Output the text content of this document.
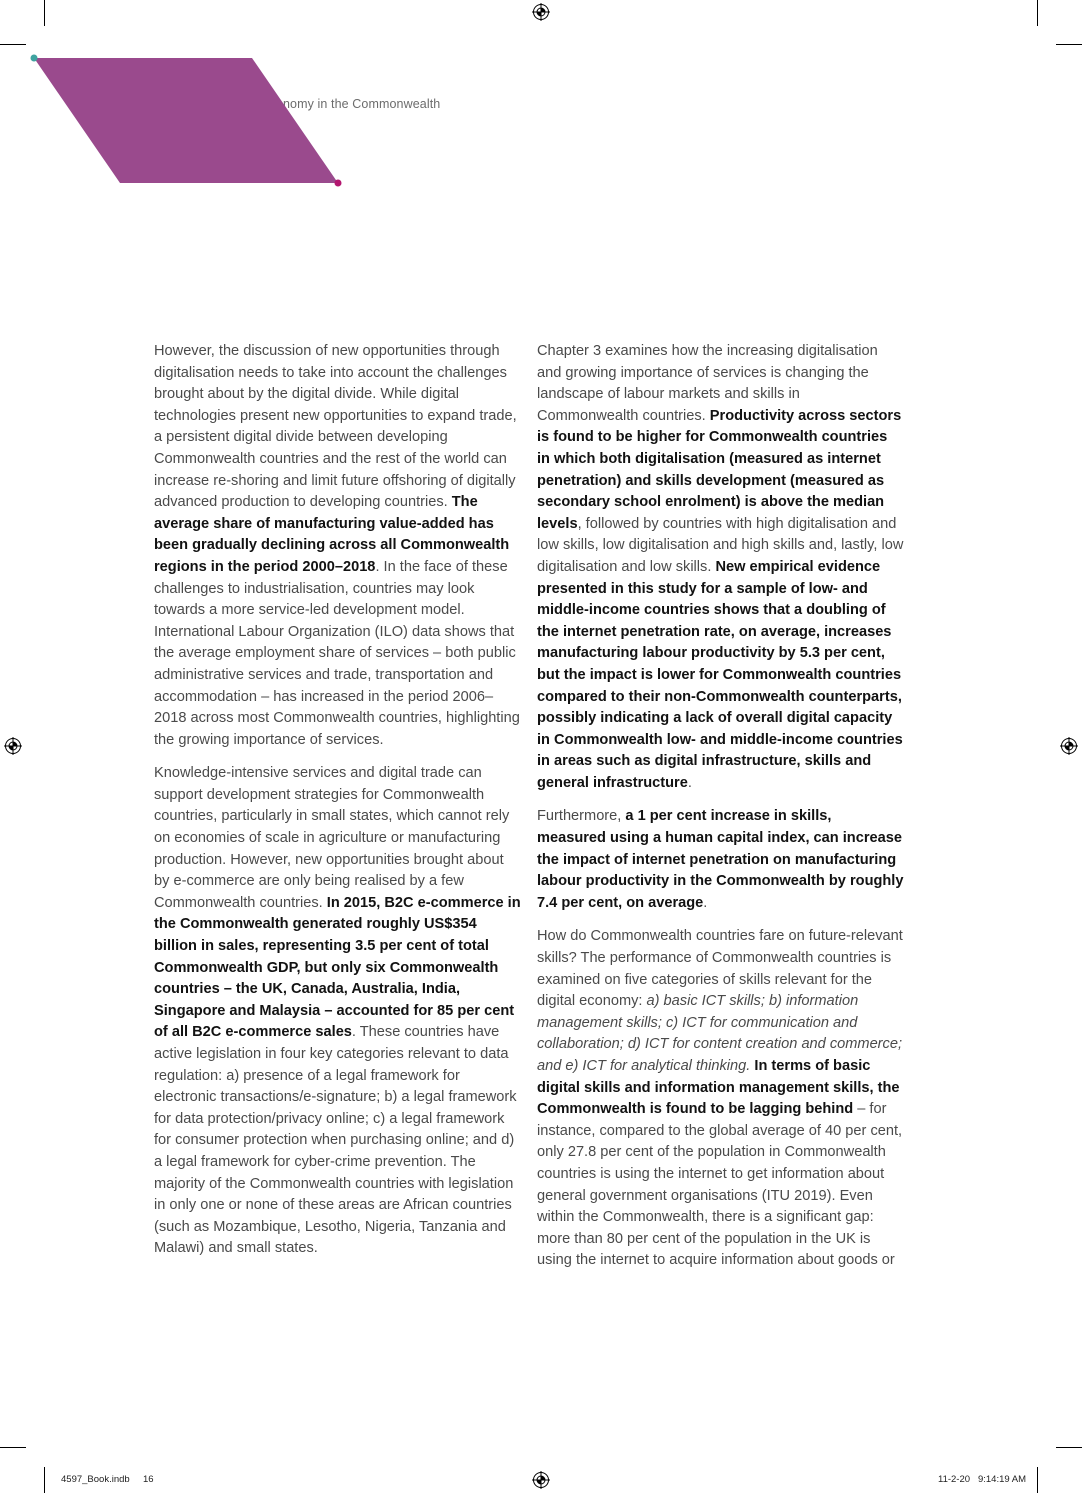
nomy in the Commonwealth

However, the discussion of new opportunities through digitalisation needs to take into account the challenges brought about by the digital divide. While digital technologies present new opportunities to expand trade, a persistent digital divide between developing Commonwealth countries and the rest of the world can increase re-shoring and limit future offshoring of digitally advanced production to developing countries. The average share of manufacturing value-added has been gradually declining across all Commonwealth regions in the period 2000–2018. In the face of these challenges to industrialisation, countries may look towards a more service-led development model. International Labour Organization (ILO) data shows that the average employment share of services – both public administrative services and trade, transportation and accommodation – has increased in the period 2006–2018 across most Commonwealth countries, highlighting the growing importance of services.

Knowledge-intensive services and digital trade can support development strategies for Commonwealth countries, particularly in small states, which cannot rely on economies of scale in agriculture or manufacturing production. However, new opportunities brought about by e-commerce are only being realised by a few Commonwealth countries. In 2015, B2C e-commerce in the Commonwealth generated roughly US$354 billion in sales, representing 3.5 per cent of total Commonwealth GDP, but only six Commonwealth countries – the UK, Canada, Australia, India, Singapore and Malaysia – accounted for 85 per cent of all B2C e-commerce sales. These countries have active legislation in four key categories relevant to data regulation: a) presence of a legal framework for electronic transactions/e-signature; b) a legal framework for data protection/privacy online; c) a legal framework for consumer protection when purchasing online; and d) a legal framework for cyber-crime prevention. The majority of the Commonwealth countries with legislation in only one or none of these areas are African countries (such as Mozambique, Lesotho, Nigeria, Tanzania and Malawi) and small states.

Chapter 3 examines how the increasing digitalisation and growing importance of services is changing the landscape of labour markets and skills in Commonwealth countries. Productivity across sectors is found to be higher for Commonwealth countries in which both digitalisation (measured as internet penetration) and skills development (measured as secondary school enrolment) is above the median levels, followed by countries with high digitalisation and low skills, low digitalisation and high skills and, lastly, low digitalisation and low skills. New empirical evidence presented in this study for a sample of low- and middle-income countries shows that a doubling of the internet penetration rate, on average, increases manufacturing labour productivity by 5.3 per cent, but the impact is lower for Commonwealth countries compared to their non-Commonwealth counterparts, possibly indicating a lack of overall digital capacity in Commonwealth low- and middle-income countries in areas such as digital infrastructure, skills and general infrastructure.

Furthermore, a 1 per cent increase in skills, measured using a human capital index, can increase the impact of internet penetration on manufacturing labour productivity in the Commonwealth by roughly 7.4 per cent, on average.

How do Commonwealth countries fare on future-relevant skills? The performance of Commonwealth countries is examined on five categories of skills relevant for the digital economy: a) basic ICT skills; b) information management skills; c) ICT for communication and collaboration; d) ICT for content creation and commerce; and e) ICT for analytical thinking. In terms of basic digital skills and information management skills, the Commonwealth is found to be lagging behind – for instance, compared to the global average of 40 per cent, only 27.8 per cent of the population in Commonwealth countries is using the internet to get information about general government organisations (ITU 2019). Even within the Commonwealth, there is a significant gap: more than 80 per cent of the population in the UK is using the internet to acquire information about goods or

4597_Book.indb 16	11-2-20   9:14:19 AM
